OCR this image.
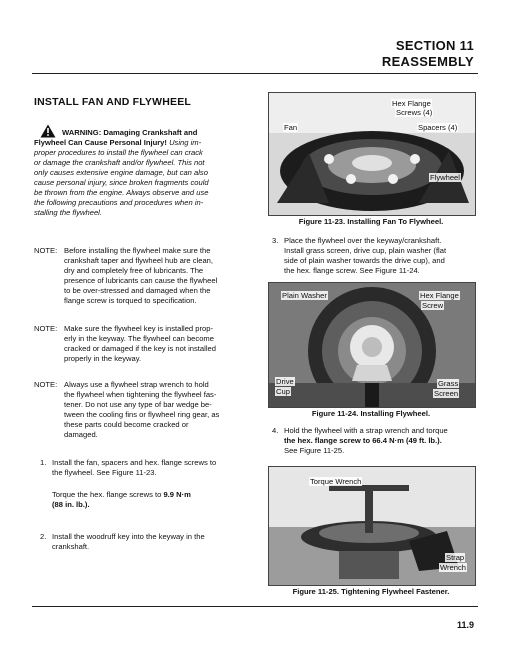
SECTION 11
REASSEMBLY
INSTALL FAN AND FLYWHEEL
WARNING: Damaging Crankshaft and
Flywheel Can Cause Personal Injury! Using im-
proper procedures to install the flywheel can crack
or damage the crankshaft and/or flywheel. This not
only causes extensive engine damage, but can also
cause personal injury, since broken fragments could
be thrown from the engine. Always observe and use
the following precautions and procedures when in-
stalling the flywheel.
NOTE: Before installing the flywheel make sure the
crankshaft taper and flywheel hub are clean,
dry and completely free of lubricants. The
presence of lubricants can cause the flywheel
to be over-stressed and damaged when the
flange screw is torqued to specification.
NOTE: Make sure the flywheel key is installed prop-
erly in the keyway. The flywheel can become
cracked or damaged if the key is not installed
properly in the keyway.
NOTE: Always use a flywheel strap wrench to hold
the flywheel when tightening the flywheel fas-
tener. Do not use any type of bar wedge be-
tween the cooling fins or flywheel ring gear, as
these parts could become cracked or
damaged.
1. Install the fan, spacers and hex. flange screws to
the flywheel. See Figure 11-23.
Torque the hex. flange screws to 9.9 N·m
(88 in. lb.).
2. Install the woodruff key into the keyway in the
crankshaft.
Hex Flange
Screws (4)
Fan	Spacers (4)
Flywheel
Figure 11-23. Installing Fan To Flywheel.
3. Place the flywheel over the keyway/crankshaft.
Install grass screen, drive cup, plain washer (flat
side of plain washer towards the drive cup), and
the hex. flange screw. See Figure 11-24.
Plain Washer	Hex Flange
Screw
Drive
Cup
Grass
Screen
Figure 11-24. Installing Flywheel.
4. Hold the flywheel with a strap wrench and torque
the hex. flange screw to 66.4 N·m (49 ft. lb.).
See Figure 11-25.
Torque Wrench
Strap
Wrench
Figure 11-25. Tightening Flywheel Fastener.
11.9
